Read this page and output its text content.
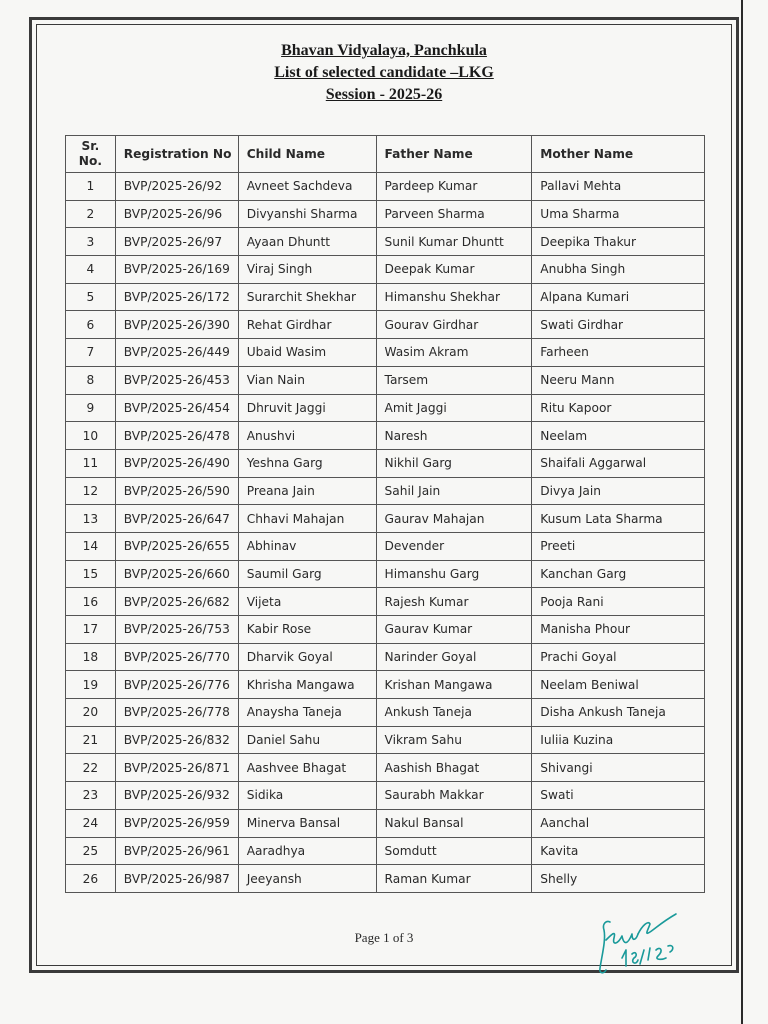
Bhavan Vidyalaya, Panchkula
List of selected candidate –LKG
Session - 2025-26
Sr.
No.	Registration No	Child Name	Father Name	Mother Name
1	BVP/2025-26/92	Avneet Sachdeva	Pardeep Kumar	Pallavi Mehta
2	BVP/2025-26/96	Divyanshi Sharma	Parveen Sharma	Uma Sharma
3	BVP/2025-26/97	Ayaan Dhuntt	Sunil Kumar Dhuntt	Deepika Thakur
4	BVP/2025-26/169	Viraj Singh	Deepak Kumar	Anubha Singh
5	BVP/2025-26/172	Surarchit Shekhar	Himanshu Shekhar	Alpana Kumari
6	BVP/2025-26/390	Rehat Girdhar	Gourav Girdhar	Swati Girdhar
7	BVP/2025-26/449	Ubaid Wasim	Wasim Akram	Farheen
8	BVP/2025-26/453	Vian Nain	Tarsem	Neeru Mann
9	BVP/2025-26/454	Dhruvit Jaggi	Amit Jaggi	Ritu Kapoor
10	BVP/2025-26/478	Anushvi	Naresh	Neelam
11	BVP/2025-26/490	Yeshna Garg	Nikhil Garg	Shaifali Aggarwal
12	BVP/2025-26/590	Preana Jain	Sahil Jain	Divya Jain
13	BVP/2025-26/647	Chhavi Mahajan	Gaurav Mahajan	Kusum Lata Sharma
14	BVP/2025-26/655	Abhinav	Devender	Preeti
15	BVP/2025-26/660	Saumil Garg	Himanshu Garg	Kanchan Garg
16	BVP/2025-26/682	Vijeta	Rajesh Kumar	Pooja Rani
17	BVP/2025-26/753	Kabir Rose	Gaurav Kumar	Manisha Phour
18	BVP/2025-26/770	Dharvik Goyal	Narinder Goyal	Prachi Goyal
19	BVP/2025-26/776	Khrisha Mangawa	Krishan Mangawa	Neelam Beniwal
20	BVP/2025-26/778	Anaysha Taneja	Ankush Taneja	Disha Ankush Taneja
21	BVP/2025-26/832	Daniel Sahu	Vikram Sahu	Iuliia Kuzina
22	BVP/2025-26/871	Aashvee Bhagat	Aashish Bhagat	Shivangi
23	BVP/2025-26/932	Sidika	Saurabh Makkar	Swati
24	BVP/2025-26/959	Minerva Bansal	Nakul Bansal	Aanchal
25	BVP/2025-26/961	Aaradhya	Somdutt	Kavita
26	BVP/2025-26/987	Jeeyansh	Raman Kumar	Shelly
Page 1 of 3
